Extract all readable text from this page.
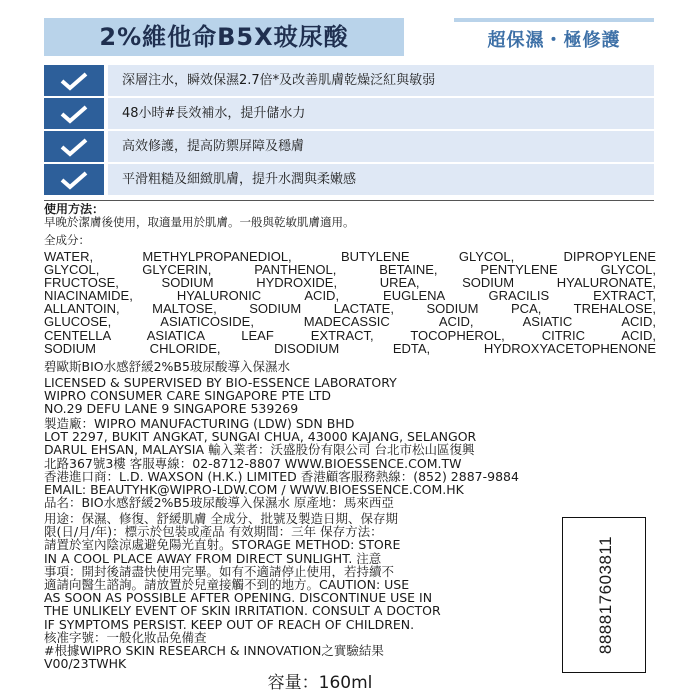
2%維他命B5X玻尿酸	超保濕・極修護
深層注水，瞬效保濕2.7倍*及改善肌膚乾燥泛紅與敏弱
48小時#長效補水，提升儲水力
高效修護，提高防禦屏障及穩膚
平滑粗糙及細緻肌膚，提升水潤與柔嫩感
使用方法：
早晚於潔膚後使用，取適量用於肌膚。一般與乾敏肌膚適用。
全成分：
WATER, METHYLPROPANEDIOL, BUTYLENE GLYCOL, DIPROPYLENE
GLYCOL, GLYCERIN, PANTHENOL, BETAINE, PENTYLENE GLYCOL,
FRUCTOSE, SODIUM HYDROXIDE, UREA, SODIUM HYALURONATE,
NIACINAMIDE, HYALURONIC ACID, EUGLENA GRACILIS EXTRACT,
ALLANTOIN, MALTOSE, SODIUM LACTATE, SODIUM PCA, TREHALOSE,
GLUCOSE, ASIATICOSIDE, MADECASSIC ACID, ASIATIC ACID,
CENTELLA ASIATICA LEAF EXTRACT, TOCOPHEROL, CITRIC ACID,
SODIUM CHLORIDE, DISODIUM EDTA, HYDROXYACETOPHENONE
碧歐斯BIO水感舒緩2%B5玻尿酸導入保濕水
LICENSED & SUPERVISED BY BIO-ESSENCE LABORATORY
WIPRO CONSUMER CARE SINGAPORE PTE LTD
NO.29 DEFU LANE 9 SINGAPORE 539269
製造廠：WIPRO MANUFACTURING (LDW) SDN BHD
LOT 2297, BUKIT ANGKAT, SUNGAI CHUA, 43000 KAJANG, SELANGOR
DARUL EHSAN, MALAYSIA 輸入業者：沃盛股份有限公司 台北市松山區復興
北路367號3樓 客服專線：02-8712-8807 WWW.BIOESSENCE.COM.TW
香港進口商：L.D. WAXSON (H.K.) LIMITED 香港顧客服務熱線：(852) 2887-9884
EMAIL: BEAUTYHK@WIPRO-LDW.COM / WWW.BIOESSENCE.COM.HK
品名：BIO水感舒緩2%B5玻尿酸導入保濕水 原產地：馬來西亞
用途：保濕、修復、舒緩肌膚 全成分、批號及製造日期、保存期
限(日/月/年)：標示於包裝或產品 有效期間：三年 保存方法：
請置於室內陰涼處避免陽光直射。STORAGE METHOD: STORE
IN A COOL PLACE AWAY FROM DIRECT SUNLIGHT. 注意
事項：開封後請盡快使用完畢。如有不適請停止使用，若持續不
適請向醫生諮詢。請放置於兒童接觸不到的地方。CAUTION: USE
AS SOON AS POSSIBLE AFTER OPENING. DISCONTINUE USE IN
THE UNLIKELY EVENT OF SKIN IRRITATION. CONSULT A DOCTOR
IF SYMPTOMS PERSIST. KEEP OUT OF REACH OF CHILDREN.
核准字號：一般化妝品免備查
#根據WIPRO SKIN RESEARCH & INNOVATION之實驗結果
V00/23TWHK
888817603811
容量：160ml
